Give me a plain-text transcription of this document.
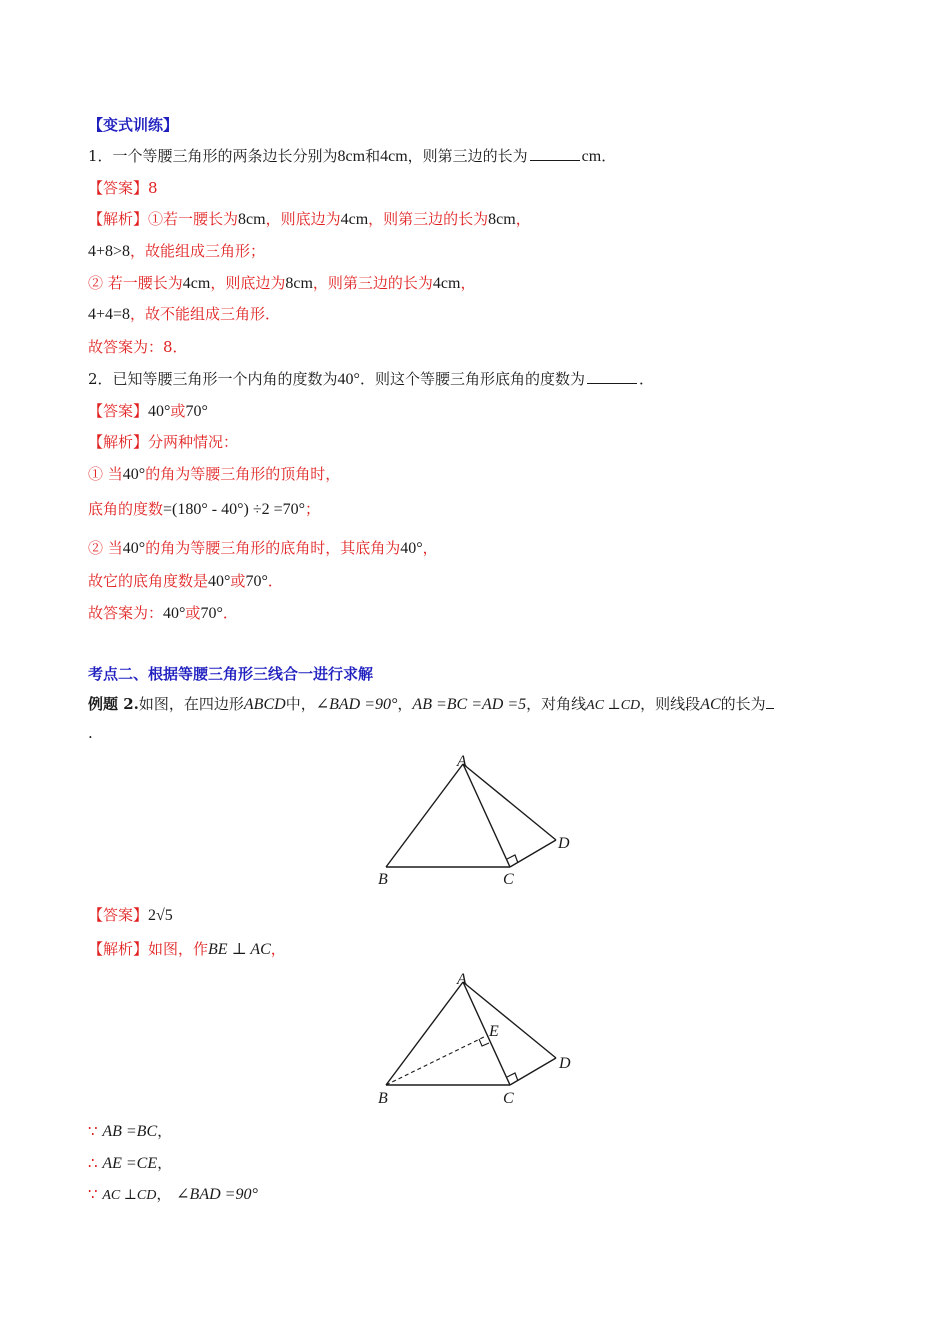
【变式训练】
1．一个等腰三角形的两条边长分别为8cm和4cm，则第三边的长为	cm．
【答案】8
【解析】①若一腰长为8cm，则底边为4cm，则第三边的长为8cm，
4+8>8，故能组成三角形；
② 若一腰长为4cm，则底边为8cm，则第三边的长为4cm，
4+4=8，故不能组成三角形．
故答案为：8．
2．已知等腰三角形一个内角的度数为40°．则这个等腰三角形底角的度数为	．
【答案】40°或70°
【解析】分两种情况：
① 当40°的角为等腰三角形的顶角时，
底角的度数=(180° - 40°) ÷2 =70°；
② 当40°的角为等腰三角形的底角时，其底角为40°，
故它的底角度数是40°或70°．
故答案为：40°或70°．
考点二、根据等腰三角形三线合一进行求解
例题 2.如图，在四边形ABCD中，∠BAD =90°，AB =BC =AD =5，对角线AC ⊥CD，则线段AC的长为
.
A
B	C
D
【答案】2√5
【解析】如图，作BE ⊥ AC，
A
B	C
D
E
∵ AB =BC，
∴ AE =CE，
∵ AC ⊥CD， ∠BAD =90°
